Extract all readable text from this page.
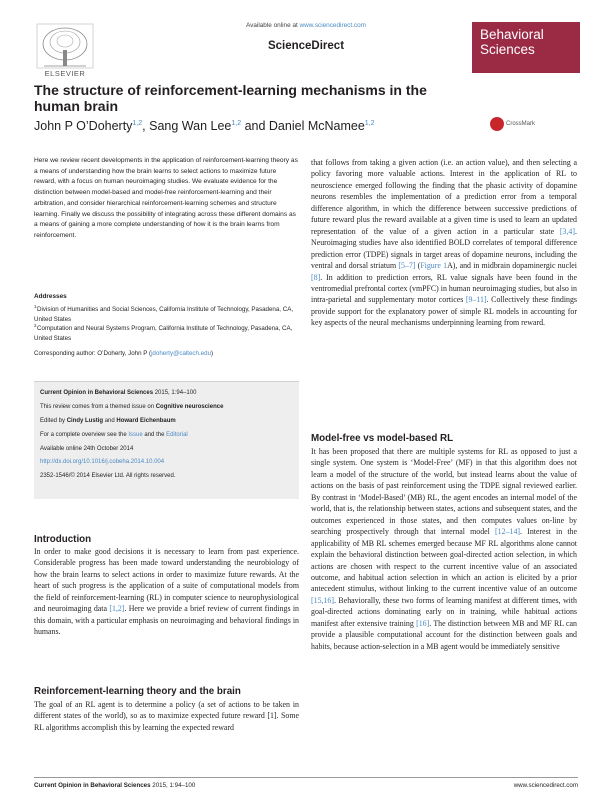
ELSEVIER
Available online at www.sciencedirect.com
ScienceDirect
Behavioral
Sciences
The structure of reinforcement-learning mechanisms in the human brain
John P O’Doherty$^{1,2}$, Sang Wan Lee$^{1,2}$ and Daniel McNamee$^{1,2}$	CrossMark
Here we review recent developments in the application of reinforcement-learning theory as a means of understanding how the brain learns to select actions to maximize future reward, with a focus on human neuroimaging studies. We evaluate evidence for the distinction between model-based and model-free reinforcement-learning and their arbitration, and consider hierarchical reinforcement-learning schemes and structure learning. Finally we discuss the possibility of integrating across these different domains as a means of gaining a more complete understanding of how it is the brain learns from reinforcement.
Addresses
$^1$ Division of Humanities and Social Sciences, California Institute of Technology, Pasadena, CA, United States
$^2$ Computation and Neural Systems Program, California Institute of Technology, Pasadena, CA, United States
Corresponding author: O’Doherty, John P (jdoherty@caltech.edu)
Current Opinion in Behavioral Sciences 2015, 1:94–100
This review comes from a themed issue on Cognitive neuroscience
Edited by Cindy Lustig and Howard Eichenbaum
For a complete overview see the Issue and the Editorial
Available online 24th October 2014
http://dx.doi.org/10.1016/j.cobeha.2014.10.004
2352-1546/© 2014 Elsevier Ltd. All rights reserved.
Introduction
In order to make good decisions it is necessary to learn from past experience. Considerable progress has been made toward understanding the neurobiology of how the brain learns to select actions in order to maximize future rewards. At the heart of such progress is the application of a suite of computational models from the field of reinforcement-learning (RL) in computer science to neurophysiological and neuroimaging data [1,2]. Here we provide a brief review of current findings in this domain, with a particular emphasis on neuroimaging and behavioral findings in humans.
Reinforcement-learning theory and the brain
The goal of an RL agent is to determine a policy (a set of actions to be taken in different states of the world), so as to maximize expected future reward [1]. Some RL algorithms accomplish this by learning the expected reward
that follows from taking a given action (i.e. an action value), and then selecting a policy favoring more valuable actions. Interest in the application of RL to neuroscience emerged following the finding that the phasic activity of dopamine neurons resembles the implementation of a prediction error from a temporal difference algorithm, in which the difference between successive predictions of future reward plus the reward available at a given time is used to learn an updated representation of the value of a given action in a particular state [3,4]. Neuroimaging studies have also identified BOLD correlates of temporal difference prediction error (TDPE) signals in target areas of dopamine neurons, including the ventral and dorsal striatum [5–7] (Figure 1A), and in midbrain dopaminergic nuclei [8]. In addition to prediction errors, RL value signals have been found in the ventromedial prefrontal cortex (vmPFC) in human neuroimaging studies, but also in intra-parietal and supplementary motor cortices [9–11]. Collectively these findings provide support for the explanatory power of simple RL models in accounting for key aspects of the neural mechanisms underpinning learning from reward.
Model-free vs model-based RL
It has been proposed that there are multiple systems for RL as opposed to just a single system. One system is ‘Model-Free’ (MF) in that this algorithm does not learn a model of the structure of the world, but instead learns about the value of actions on the basis of past reinforcement using the TDPE signal reviewed earlier. By contrast in ‘Model-Based’ (MB) RL, the agent encodes an internal model of the world, that is, the relationship between states, actions and subsequent states, and the outcomes experienced in those states, and then computes values on-line by searching prospectively through that internal model [12–14]. Interest in the applicability of MB RL schemes emerged because MF RL algorithms alone cannot explain the behavioral distinction between goal-directed action selection, in which actions are chosen with respect to the current incentive value of an associated outcome, and habitual action selection in which an action is elicited by a prior antecedent stimulus, without linking to the current incentive value of an outcome [15,16]. Behaviorally, these two forms of learning manifest at different times, with goal-directed actions dominating early on in training, while habitual actions manifest after extensive training [16]. The distinction between MB and MF RL can provide a plausible computational account for the distinction between goals and habits, because action-selection in a MB agent would be immediately sensitive
Current Opinion in Behavioral Sciences 2015, 1:94–100	www.sciencedirect.com
